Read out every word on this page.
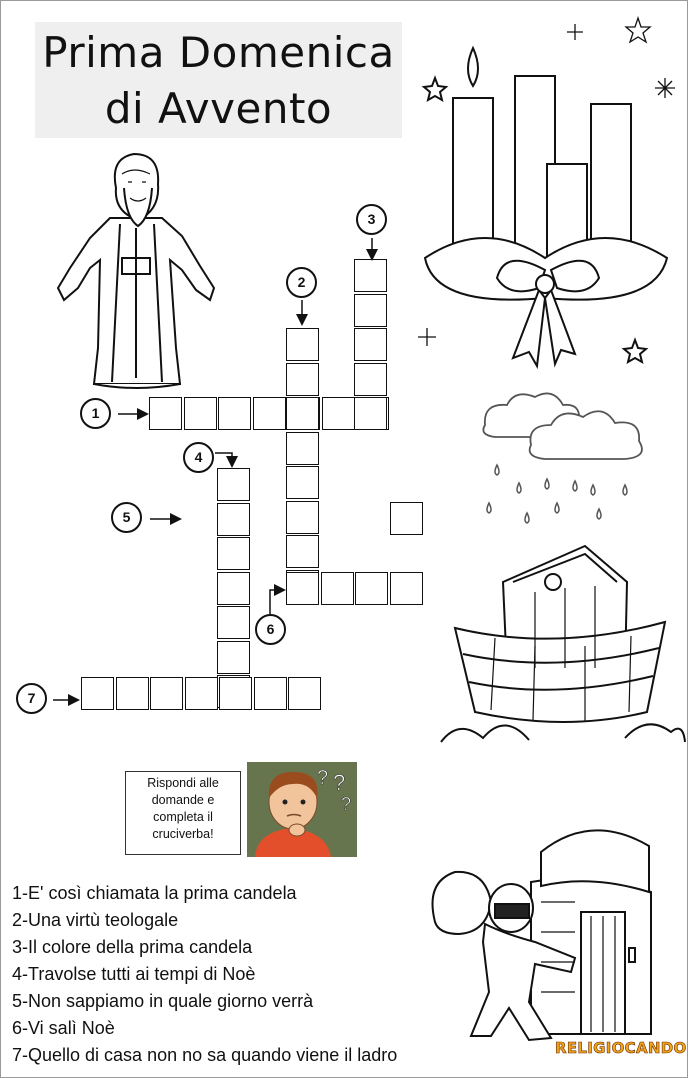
Prima Domenica
di Avvento
? ?
?
1
2
3
4
5
6
7
Rispondi alle
domande e
completa il
cruciverba!
1-E' così chiamata la prima candela
2-Una virtù teologale
3-Il colore della prima candela
4-Travolse tutti ai tempi di Noè
5-Non sappiamo in quale giorno verrà
6-Vi salì Noè
7-Quello di casa non no sa quando viene il ladro	RELIGIOCANDO
